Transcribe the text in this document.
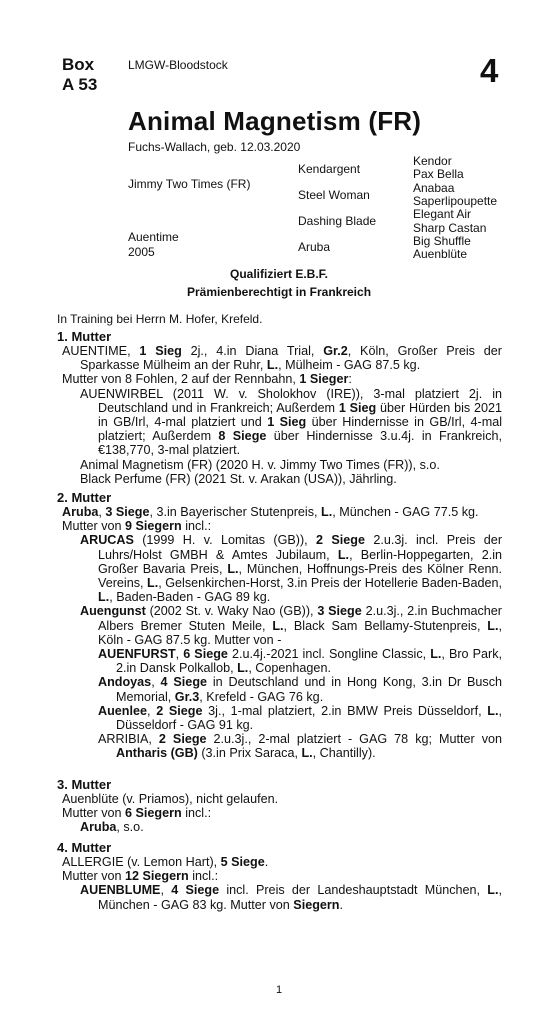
Box
A 53
LMGW-Bloodstock	4
Animal Magnetism (FR)
Fuchs-Wallach, geb. 12.03.2020
Jimmy Two Times (FR)
Auentime
2005
Kendargent
Steel Woman
Dashing Blade
Aruba
Kendor
Pax Bella
Anabaa
Saperlipoupette
Elegant Air
Sharp Castan
Big Shuffle
Auenblüte
Qualifiziert E.B.F.
Prämienberechtigt in Frankreich
In Training bei Herrn M. Hofer, Krefeld.
1. Mutter

AUENTIME, 1 Sieg 2j., 4.in Diana Trial, Gr.2, Köln, Großer Preis der Sparkasse Mülheim an der Ruhr, L., Mülheim - GAG 87.5 kg.

Mutter von 8 Fohlen, 2 auf der Rennbahn, 1 Sieger:

AUENWIRBEL (2011 W. v. Sholokhov (IRE)), 3-mal platziert 2j. in Deutschland und in Frankreich; Außerdem 1 Sieg über Hürden bis 2021 in GB/Irl, 4-mal platziert und 1 Sieg über Hindernisse in GB/Irl, 4-mal platziert; Außerdem 8 Siege über Hindernisse 3.u.4j. in Frankreich, €138,770, 3-mal platziert.

Animal Magnetism (FR) (2020 H. v. Jimmy Two Times (FR)), s.o.

Black Perfume (FR) (2021 St. v. Arakan (USA)), Jährling.

2. Mutter

Aruba, 3 Siege, 3.in Bayerischer Stutenpreis, L., München - GAG 77.5 kg.

Mutter von 9 Siegern incl.:

ARUCAS (1999 H. v. Lomitas (GB)), 2 Siege 2.u.3j. incl. Preis der Luhrs/Holst GMBH & Amtes Jubilaum, L., Berlin-Hoppegarten, 2.in Großer Bavaria Preis, L., München, Hoffnungs-Preis des Kölner Renn. Vereins, L., Gelsenkirchen-Horst, 3.in Preis der Hotellerie Baden-Baden, L., Baden-Baden - GAG 89 kg.

Auengunst (2002 St. v. Waky Nao (GB)), 3 Siege 2.u.3j., 2.in Buchmacher Albers Bremer Stuten Meile, L., Black Sam Bellamy-Stutenpreis, L., Köln - GAG 87.5 kg. Mutter von -

AUENFURST, 6 Siege 2.u.4j.-2021 incl. Songline Classic, L., Bro Park, 2.in Dansk Polkallob, L., Copenhagen.

Andoyas, 4 Siege in Deutschland und in Hong Kong, 3.in Dr Busch Memorial, Gr.3, Krefeld - GAG 76 kg.

Auenlee, 2 Siege 3j., 1-mal platziert, 2.in BMW Preis Düsseldorf, L., Düsseldorf - GAG 91 kg.

ARRIBIA, 2 Siege 2.u.3j., 2-mal platziert - GAG 78 kg; Mutter von Antharis (GB) (3.in Prix Saraca, L., Chantilly).

3. Mutter

Auenblüte (v. Priamos), nicht gelaufen.

Mutter von 6 Siegern incl.:

Aruba, s.o.

4. Mutter

ALLERGIE (v. Lemon Hart), 5 Siege.

Mutter von 12 Siegern incl.:

AUENBLUME, 4 Siege incl. Preis der Landeshauptstadt München, L., München - GAG 83 kg. Mutter von Siegern.

1
